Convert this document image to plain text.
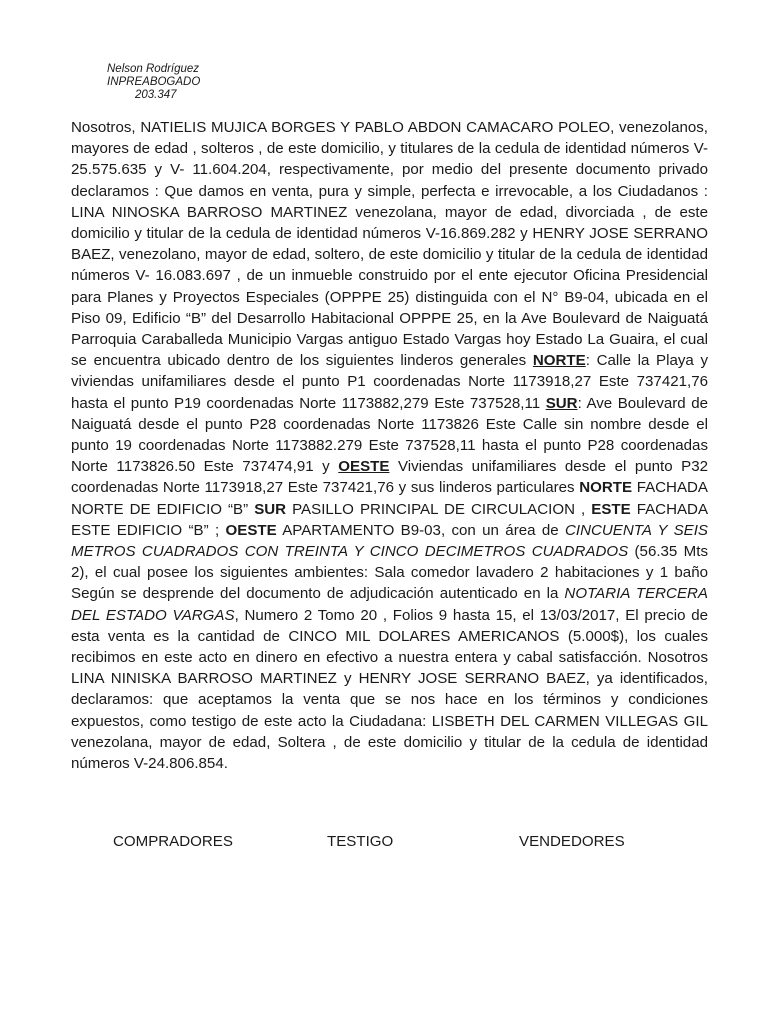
Nelson Rodríguez
INPREABOGADO
203.347

Nosotros, NATIELIS MUJICA BORGES Y PABLO ABDON CAMACARO POLEO, venezolanos, mayores de edad , solteros , de este domicilio, y titulares de la cedula de identidad números V-25.575.635 y V- 11.604.204, respectivamente, por medio del presente documento privado declaramos : Que damos en venta, pura y simple, perfecta e irrevocable, a los Ciudadanos : LINA NINOSKA BARROSO MARTINEZ venezolana, mayor de edad, divorciada , de este domicilio y titular de la cedula de identidad números V-16.869.282 y HENRY JOSE SERRANO BAEZ, venezolano, mayor de edad, soltero, de este domicilio y titular de la cedula de identidad números V- 16.083.697 , de un inmueble construido por el ente ejecutor Oficina Presidencial para Planes y Proyectos Especiales (OPPPE 25) distinguida con el N° B9-04, ubicada en el Piso 09, Edificio “B” del Desarrollo Habitacional OPPPE 25, en la Ave Boulevard de Naiguatá Parroquia Caraballeda Municipio Vargas antiguo Estado Vargas hoy Estado La Guaira, el cual se encuentra ubicado dentro de los siguientes linderos generales NORTE: Calle la Playa y viviendas unifamiliares desde el punto P1 coordenadas Norte 1173918,27 Este 737421,76 hasta el punto P19 coordenadas Norte 1173882,279 Este 737528,11 SUR: Ave Boulevard de Naiguatá desde el punto P28 coordenadas Norte 1173826 Este Calle sin nombre desde el punto 19 coordenadas Norte 1173882.279 Este 737528,11 hasta el punto P28 coordenadas Norte 1173826.50 Este 737474,91 y OESTE Viviendas unifamiliares desde el punto P32 coordenadas Norte 1173918,27 Este 737421,76 y sus linderos particulares NORTE FACHADA NORTE DE EDIFICIO “B” SUR PASILLO PRINCIPAL DE CIRCULACION , ESTE FACHADA ESTE EDIFICIO “B” ; OESTE APARTAMENTO B9-03, con un área de CINCUENTA Y SEIS METROS CUADRADOS CON TREINTA Y CINCO DECIMETROS CUADRADOS (56.35 Mts 2), el cual posee los siguientes ambientes: Sala comedor lavadero 2 habitaciones y 1 baño Según se desprende del documento de adjudicación autenticado en la NOTARIA TERCERA DEL ESTADO VARGAS, Numero 2 Tomo 20 , Folios 9 hasta 15, el 13/03/2017, El precio de esta venta es la cantidad de CINCO MIL DOLARES AMERICANOS (5.000$), los cuales recibimos en este acto en dinero en efectivo a nuestra entera y cabal satisfacción. Nosotros LINA NINISKA BARROSO MARTINEZ y HENRY JOSE SERRANO BAEZ, ya identificados, declaramos: que aceptamos la venta que se nos hace en los términos y condiciones expuestos, como testigo de este acto la Ciudadana: LISBETH DEL CARMEN VILLEGAS GIL venezolana, mayor de edad, Soltera , de este domicilio y titular de la cedula de identidad números V-24.806.854.

COMPRADORES	TESTIGO	VENDEDORES
